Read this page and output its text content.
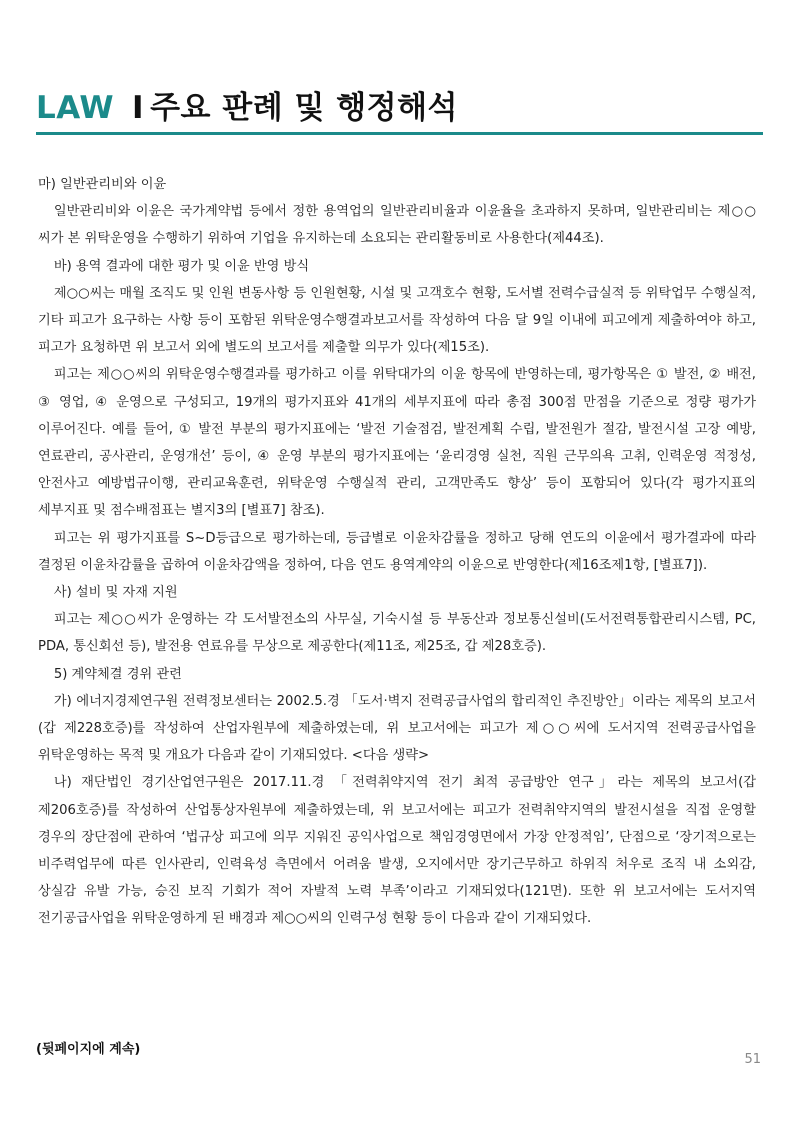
LAW I 주요 판례 및 행정해석

마) 일반관리비와 이윤

일반관리비와 이윤은 국가계약법 등에서 정한 용역업의 일반관리비율과 이윤율을 초과하지 못하며, 일반관리비는 제○○씨가 본 위탁운영을 수행하기 위하여 기업을 유지하는데 소요되는 관리활동비로 사용한다(제44조).

바) 용역 결과에 대한 평가 및 이윤 반영 방식

제○○씨는 매월 조직도 및 인원 변동사항 등 인원현황, 시설 및 고객호수 현황, 도서별 전력수급실적 등 위탁업무 수행실적, 기타 피고가 요구하는 사항 등이 포함된 위탁운영수행결과보고서를 작성하여 다음 달 9일 이내에 피고에게 제출하여야 하고, 피고가 요청하면 위 보고서 외에 별도의 보고서를 제출할 의무가 있다(제15조).

피고는 제○○씨의 위탁운영수행결과를 평가하고 이를 위탁대가의 이윤 항목에 반영하는데, 평가항목은 ① 발전, ② 배전, ③ 영업, ④ 운영으로 구성되고, 19개의 평가지표와 41개의 세부지표에 따라 총점 300점 만점을 기준으로 정량 평가가 이루어진다. 예를 들어, ① 발전 부분의 평가지표에는 ‘발전 기술점검, 발전계획 수립, 발전원가 절감, 발전시설 고장 예방, 연료관리, 공사관리, 운영개선’ 등이, ④ 운영 부분의 평가지표에는 ‘윤리경영 실천, 직원 근무의욕 고취, 인력운영 적정성, 안전사고 예방법규이행, 관리교육훈련, 위탁운영 수행실적 관리, 고객만족도 향상’ 등이 포함되어 있다(각 평가지표의 세부지표 및 점수배점표는 별지3의 [별표7] 참조).

피고는 위 평가지표를 S~D등급으로 평가하는데, 등급별로 이윤차감률을 정하고 당해 연도의 이윤에서 평가결과에 따라 결정된 이윤차감률을 곱하여 이윤차감액을 정하여, 다음 연도 용역계약의 이윤으로 반영한다(제16조제1항, [별표7]).

사) 설비 및 자재 지원

피고는 제○○씨가 운영하는 각 도서발전소의 사무실, 기숙시설 등 부동산과 정보통신설비(도서전력통합관리시스템, PC, PDA, 통신회선 등), 발전용 연료유를 무상으로 제공한다(제11조, 제25조, 갑 제28호증).

5) 계약체결 경위 관련

가) 에너지경제연구원 전력정보센터는 2002.5.경 「도서·벽지 전력공급사업의 합리적인 추진방안」이라는 제목의 보고서(갑 제228호증)를 작성하여 산업자원부에 제출하였는데, 위 보고서에는 피고가 제○○씨에 도서지역 전력공급사업을 위탁운영하는 목적 및 개요가 다음과 같이 기재되었다. <다음 생략>

나) 재단법인 경기산업연구원은 2017.11.경 「전력취약지역 전기 최적 공급방안 연구」라는 제목의 보고서(갑 제206호증)를 작성하여 산업통상자원부에 제출하였는데, 위 보고서에는 피고가 전력취약지역의 발전시설을 직접 운영할 경우의 장단점에 관하여 ‘법규상 피고에 의무 지워진 공익사업으로 책임경영면에서 가장 안정적임’, 단점으로 ‘장기적으로는 비주력업무에 따른 인사관리, 인력육성 측면에서 어려움 발생, 오지에서만 장기근무하고 하위직 처우로 조직 내 소외감, 상실감 유발 가능, 승진 보직 기회가 적어 자발적 노력 부족’이라고 기재되었다(121면). 또한 위 보고서에는 도서지역 전기공급사업을 위탁운영하게 된 배경과 제○○씨의 인력구성 현황 등이 다음과 같이 기재되었다.

(뒷페이지에 계속)
51
